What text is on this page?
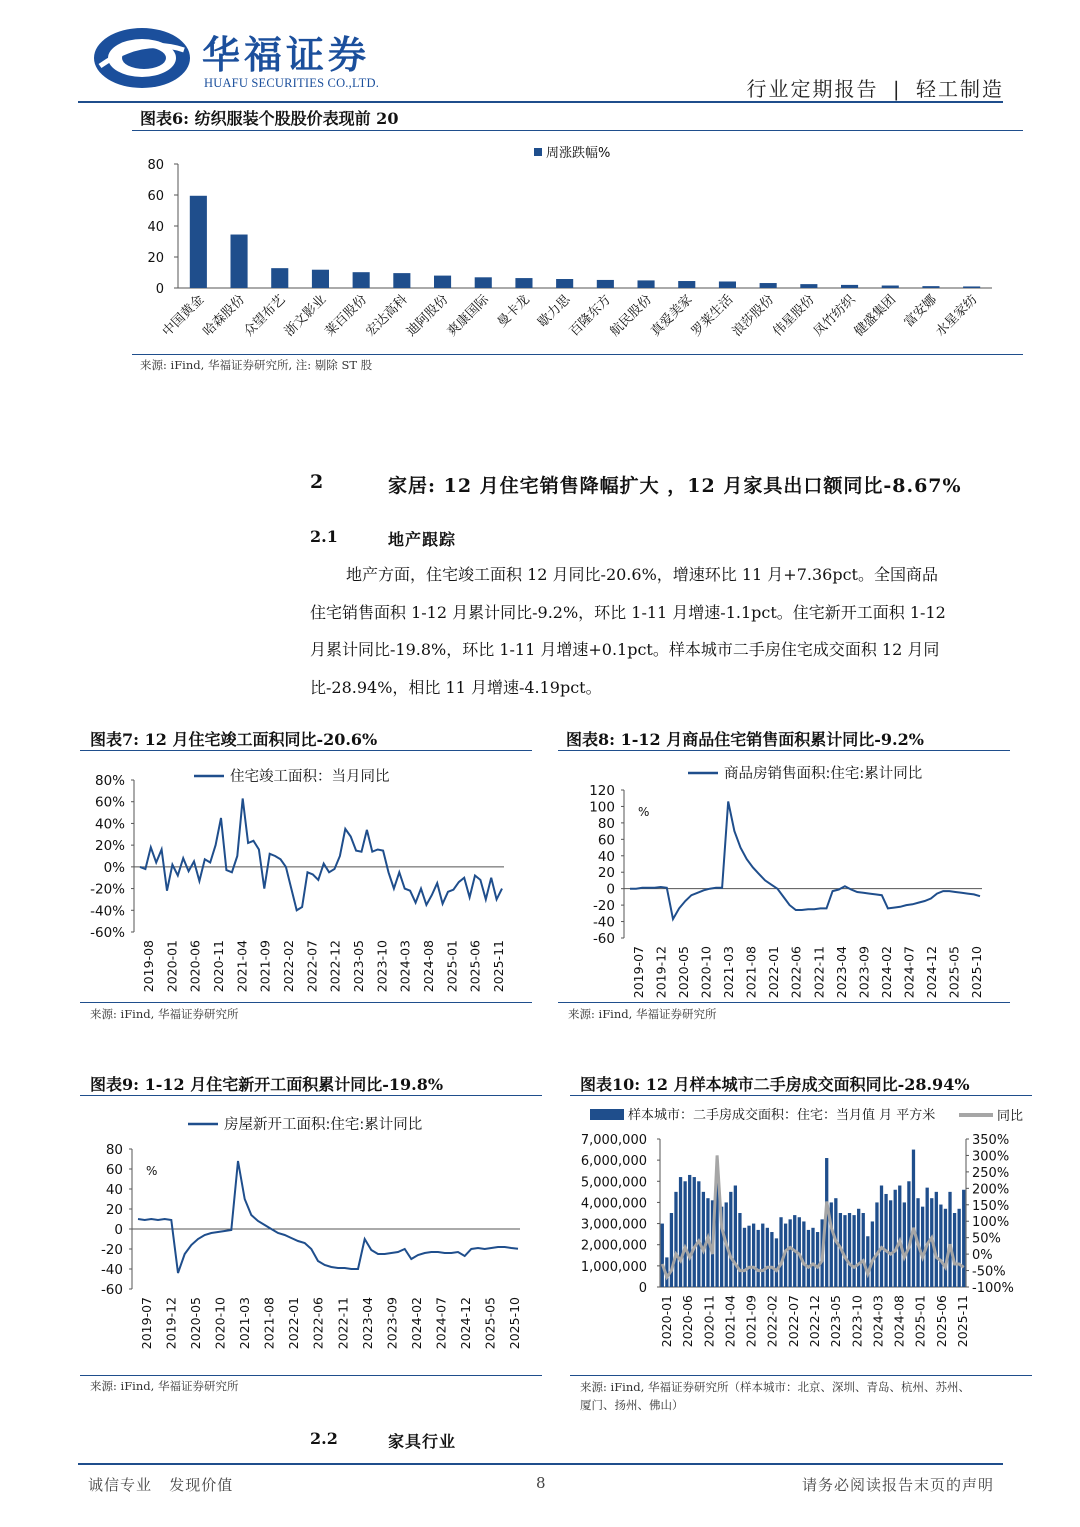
华福证券
HUAFU SECURITIES CO.,LTD.	行业定期报告 | 轻工制造
图表6: 纺织服装个股股价表现前 20
0
20
40
60
80
中国黄金
哈森股份
众望布艺
浙文影业
莱百股份
宏达高科
迪阿股份
爽康国际 曼卡龙 歇力思
百隆东方
航民股份
真爱美家
罗莱生活
浪莎股份
伟星股份
凤竹纺织
健盛集团 富安娜
水星家纺
周涨跌幅%
来源: iFind, 华福证券研究所, 注: 剔除 ST 股
2	家居: 12 月住宅销售降幅扩大 ，12 月家具出口额同比-8.67%
2.1	地产跟踪
地产方面，住宅竣工面积 12 月同比-20.6%，增速环比 11 月+7.36pct。全国商品
住宅销售面积 1-12 月累计同比-9.2%，环比 1-11 月增速-1.1pct。住宅新开工面积 1-12
月累计同比-19.8%，环比 1-11 月增速+0.1pct。样本城市二手房住宅成交面积 12 月同
比-28.94%，相比 11 月增速-4.19pct。
图表7: 12 月住宅竣工面积同比-20.6%
-60%
-40%
-20%
0%
20%
40%
60%
80%
2019-08 2020-01 2020-06 2020-11 2021-04 2021-09 2022-02 2022-07 2022-12 2023-05 2023-10 2024-03 2024-08 2025-01 2025-06 2025-11
住宅竣工面积：当月同比
来源: iFind, 华福证券研究所
图表8: 1-12 月商品住宅销售面积累计同比-9.2%
-60
-40
-20
0
20
40
60
80
100
120
2019-07 2019-12 2020-05 2020-10 2021-03 2021-08 2022-01 2022-06 2022-11 2023-04 2023-09 2024-02 2024-07 2024-12 2025-05 2025-10
商品房销售面积:住宅:累计同比
%
来源: iFind, 华福证券研究所
图表9: 1-12 月住宅新开工面积累计同比-19.8%
-60
-40
-20
0
20
40
60
80
2019-07 2019-12 2020-05 2020-10 2021-03 2021-08 2022-01 2022-06 2022-11 2023-04 2023-09 2024-02 2024-07 2024-12 2025-05 2025-10
房屋新开工面积:住宅:累计同比
%
来源: iFind, 华福证券研究所
图表10: 12 月样本城市二手房成交面积同比-28.94%
0
1,000,000
2,000,000
3,000,000
4,000,000
5,000,000
6,000,000
7,000,000
-100%
-50%
0%
50%
100%
150%
200%
250%
300%
350%
2020-01 2020-06 2020-11 2021-04 2021-09 2022-02 2022-07 2022-12 2023-05 2023-10 2024-03 2024-08 2025-01 2025-06 2025-11
样本城市：二手房成交面积：住宅：当月值 月 平方米	同比
来源: iFind, 华福证券研究所（样本城市：北京、深圳、青岛、杭州、苏州、
厦门、扬州、佛山）
2.2	家具行业
诚信专业   发现价值	8	请务必阅读报告末页的声明
